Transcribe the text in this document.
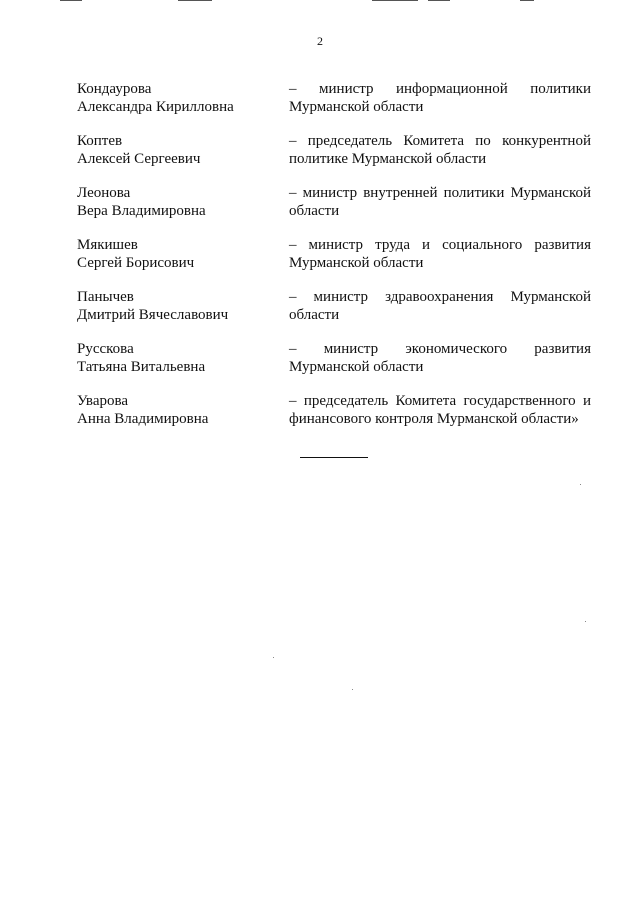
2
Кондаурова
Александра Кирилловна
– министр информационной политики
Мурманской области
Коптев
Алексей Сергеевич
– председатель Комитета по конкурентной
политике Мурманской области
Леонова
Вера Владимировна
– министр внутренней политики Мурманской
области
Мякишев
Сергей Борисович
– министр труда и социального развития
Мурманской области
Панычев
Дмитрий Вячеславович
– министр здравоохранения Мурманской
области
Русскова
Татьяна Витальевна
– министр экономического развития
Мурманской области
Уварова
Анна Владимировна
– председатель Комитета государственного и
финансового контроля Мурманской области»
